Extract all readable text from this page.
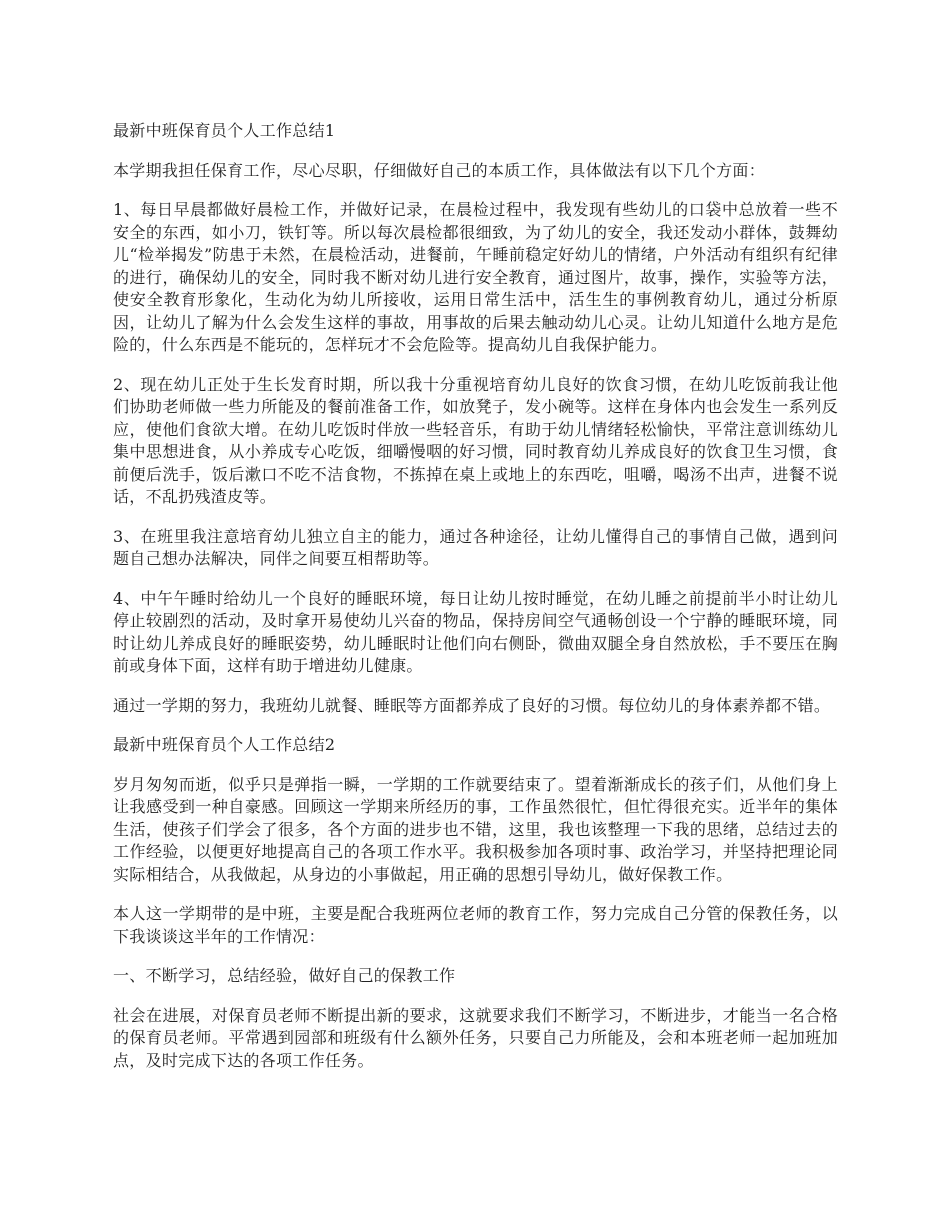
最新中班保育员个人工作总结1

本学期我担任保育工作，尽心尽职，仔细做好自己的本质工作，具体做法有以下几个方面：

1、每日早晨都做好晨检工作，并做好记录，在晨检过程中，我发现有些幼儿的口袋中总放着一些不安全的东西，如小刀，铁钉等。所以每次晨检都很细致，为了幼儿的安全，我还发动小群体，鼓舞幼儿“检举揭发”防患于未然，在晨检活动，进餐前，午睡前稳定好幼儿的情绪，户外活动有组织有纪律的进行，确保幼儿的安全，同时我不断对幼儿进行安全教育，通过图片，故事，操作，实验等方法，使安全教育形象化，生动化为幼儿所接收，运用日常生活中，活生生的事例教育幼儿，通过分析原因，让幼儿了解为什么会发生这样的事故，用事故的后果去触动幼儿心灵。让幼儿知道什么地方是危险的，什么东西是不能玩的，怎样玩才不会危险等。提高幼儿自我保护能力。

2、现在幼儿正处于生长发育时期，所以我十分重视培育幼儿良好的饮食习惯，在幼儿吃饭前我让他们协助老师做一些力所能及的餐前准备工作，如放凳子，发小碗等。这样在身体内也会发生一系列反应，使他们食欲大增。在幼儿吃饭时伴放一些轻音乐，有助于幼儿情绪轻松愉快，平常注意训练幼儿集中思想进食，从小养成专心吃饭，细嚼慢咽的好习惯，同时教育幼儿养成良好的饮食卫生习惯，食前便后洗手，饭后漱口不吃不洁食物，不拣掉在桌上或地上的东西吃，咀嚼，喝汤不出声，进餐不说话，不乱扔残渣皮等。

3、在班里我注意培育幼儿独立自主的能力，通过各种途径，让幼儿懂得自己的事情自己做，遇到问题自己想办法解决，同伴之间要互相帮助等。

4、中午午睡时给幼儿一个良好的睡眠环境，每日让幼儿按时睡觉，在幼儿睡之前提前半小时让幼儿停止较剧烈的活动，及时拿开易使幼儿兴奋的物品，保持房间空气通畅创设一个宁静的睡眠环境，同时让幼儿养成良好的睡眠姿势，幼儿睡眠时让他们向右侧卧，微曲双腿全身自然放松，手不要压在胸前或身体下面，这样有助于增进幼儿健康。

通过一学期的努力，我班幼儿就餐、睡眠等方面都养成了良好的习惯。每位幼儿的身体素养都不错。

最新中班保育员个人工作总结2

岁月匆匆而逝，似乎只是弹指一瞬，一学期的工作就要结束了。望着渐渐成长的孩子们，从他们身上让我感受到一种自豪感。回顾这一学期来所经历的事，工作虽然很忙，但忙得很充实。近半年的集体生活，使孩子们学会了很多，各个方面的进步也不错，这里，我也该整理一下我的思绪，总结过去的工作经验，以便更好地提高自己的各项工作水平。我积极参加各项时事、政治学习，并坚持把理论同实际相结合，从我做起，从身边的小事做起，用正确的思想引导幼儿，做好保教工作。

本人这一学期带的是中班，主要是配合我班两位老师的教育工作，努力完成自己分管的保教任务，以下我谈谈这半年的工作情况：

一、不断学习，总结经验，做好自己的保教工作

社会在进展，对保育员老师不断提出新的要求，这就要求我们不断学习，不断进步，才能当一名合格的保育员老师。平常遇到园部和班级有什么额外任务，只要自己力所能及，会和本班老师一起加班加点，及时完成下达的各项工作任务。
